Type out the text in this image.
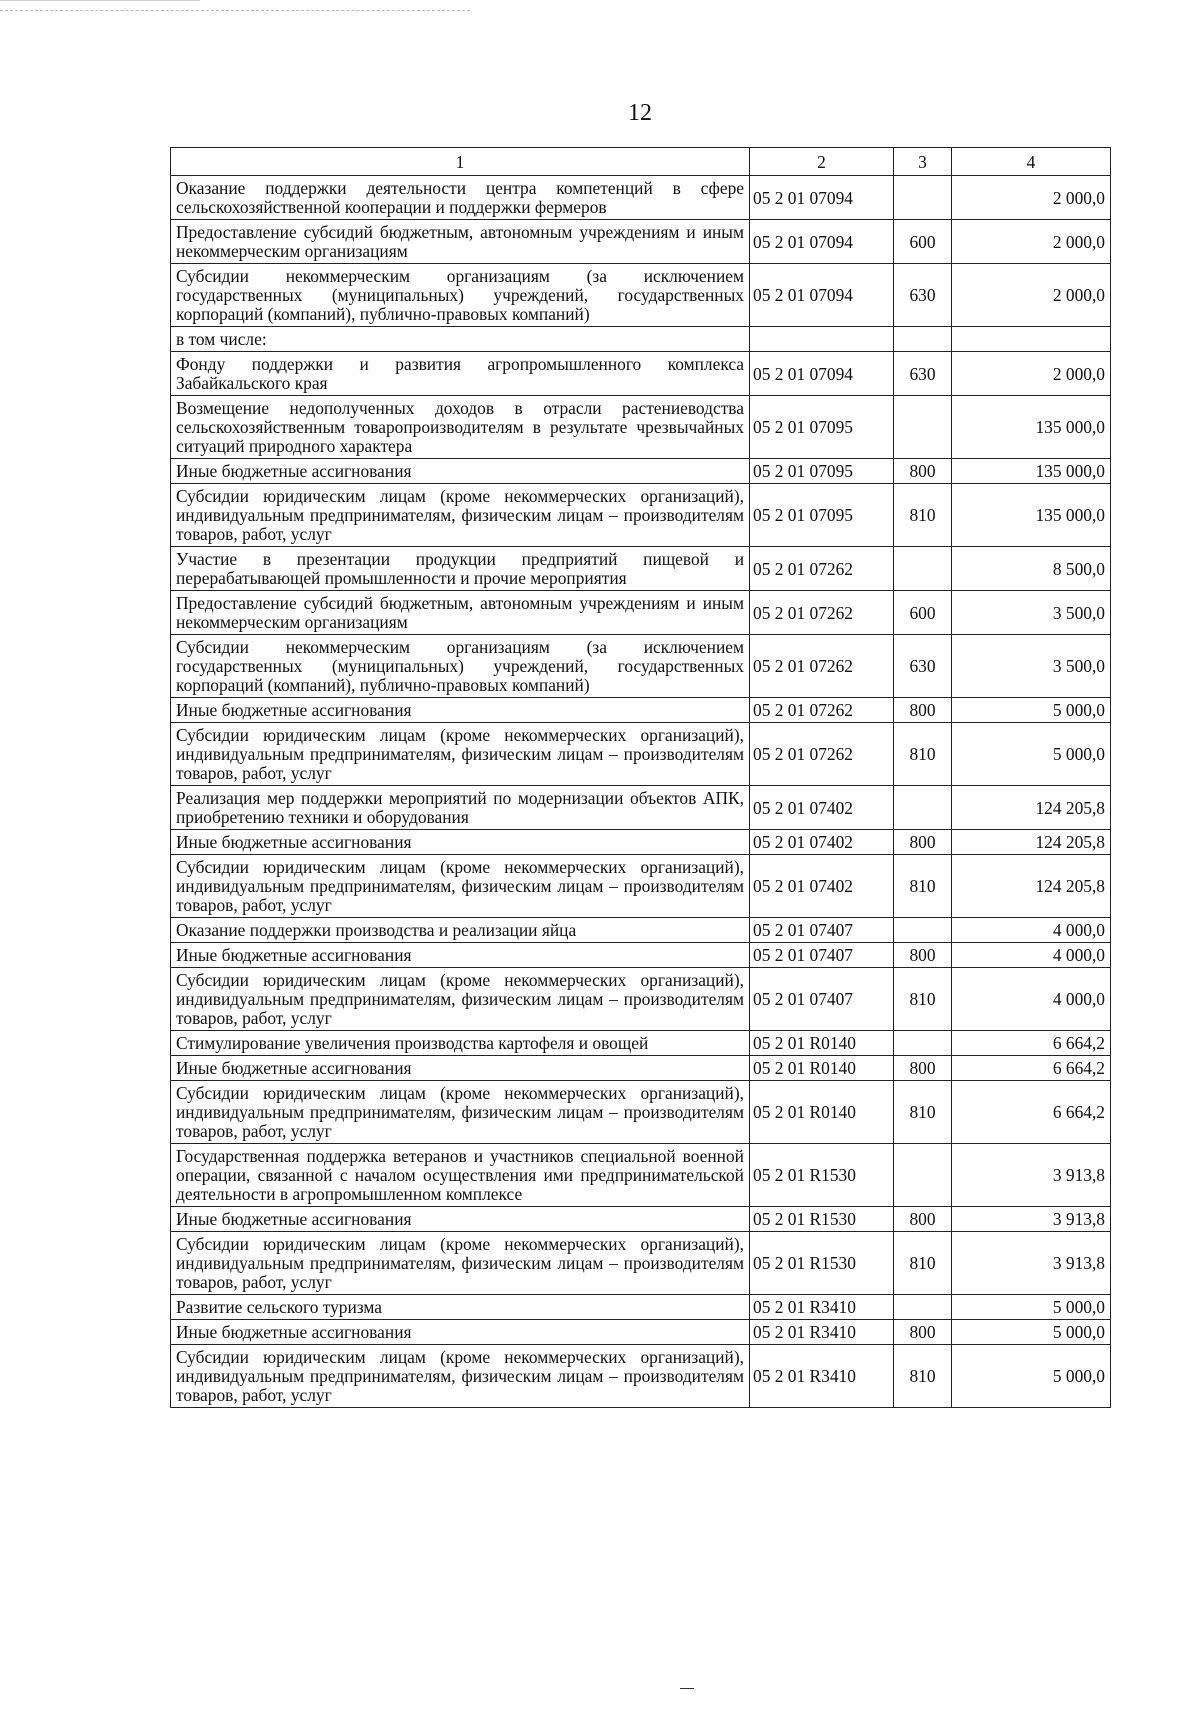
12
1	2	3	4
Оказание поддержки деятельности центра компетенций в сфере сельскохозяйственной кооперации и поддержки фермеров	05 2 01 07094		2 000,0
Предоставление субсидий бюджетным, автономным учреждениям и иным некоммерческим организациям	05 2 01 07094	600	2 000,0
Субсидии некоммерческим организациям (за исключением государственных (муниципальных) учреждений, государственных корпораций (компаний), публично-правовых компаний)	05 2 01 07094	630	2 000,0
в том числе:			
Фонду поддержки и развития агропромышленного комплекса Забайкальского края	05 2 01 07094	630	2 000,0
Возмещение недополученных доходов в отрасли растениеводства сельскохозяйственным товаропроизводителям в результате чрезвычайных ситуаций природного характера	05 2 01 07095		135 000,0
Иные бюджетные ассигнования	05 2 01 07095	800	135 000,0
Субсидии юридическим лицам (кроме некоммерческих организаций), индивидуальным предпринимателям, физическим лицам – производителям товаров, работ, услуг	05 2 01 07095	810	135 000,0
Участие в презентации продукции предприятий пищевой и перерабатывающей промышленности и прочие мероприятия	05 2 01 07262		8 500,0
Предоставление субсидий бюджетным, автономным учреждениям и иным некоммерческим организациям	05 2 01 07262	600	3 500,0
Субсидии некоммерческим организациям (за исключением государственных (муниципальных) учреждений, государственных корпораций (компаний), публично-правовых компаний)	05 2 01 07262	630	3 500,0
Иные бюджетные ассигнования	05 2 01 07262	800	5 000,0
Субсидии юридическим лицам (кроме некоммерческих организаций), индивидуальным предпринимателям, физическим лицам – производителям товаров, работ, услуг	05 2 01 07262	810	5 000,0
Реализация мер поддержки мероприятий по модернизации объектов АПК, приобретению техники и оборудования	05 2 01 07402		124 205,8
Иные бюджетные ассигнования	05 2 01 07402	800	124 205,8
Субсидии юридическим лицам (кроме некоммерческих организаций), индивидуальным предпринимателям, физическим лицам – производителям товаров, работ, услуг	05 2 01 07402	810	124 205,8
Оказание поддержки производства и реализации яйца	05 2 01 07407		4 000,0
Иные бюджетные ассигнования	05 2 01 07407	800	4 000,0
Субсидии юридическим лицам (кроме некоммерческих организаций), индивидуальным предпринимателям, физическим лицам – производителям товаров, работ, услуг	05 2 01 07407	810	4 000,0
Стимулирование увеличения производства картофеля и овощей	05 2 01 R0140		6 664,2
Иные бюджетные ассигнования	05 2 01 R0140	800	6 664,2
Субсидии юридическим лицам (кроме некоммерческих организаций), индивидуальным предпринимателям, физическим лицам – производителям товаров, работ, услуг	05 2 01 R0140	810	6 664,2
Государственная поддержка ветеранов и участников специальной военной операции, связанной с началом осуществления ими предпринимательской деятельности в агропромышленном комплексе	05 2 01 R1530		3 913,8
Иные бюджетные ассигнования	05 2 01 R1530	800	3 913,8
Субсидии юридическим лицам (кроме некоммерческих организаций), индивидуальным предпринимателям, физическим лицам – производителям товаров, работ, услуг	05 2 01 R1530	810	3 913,8
Развитие сельского туризма	05 2 01 R3410		5 000,0
Иные бюджетные ассигнования	05 2 01 R3410	800	5 000,0
Субсидии юридическим лицам (кроме некоммерческих организаций), индивидуальным предпринимателям, физическим лицам – производителям товаров, работ, услуг	05 2 01 R3410	810	5 000,0
